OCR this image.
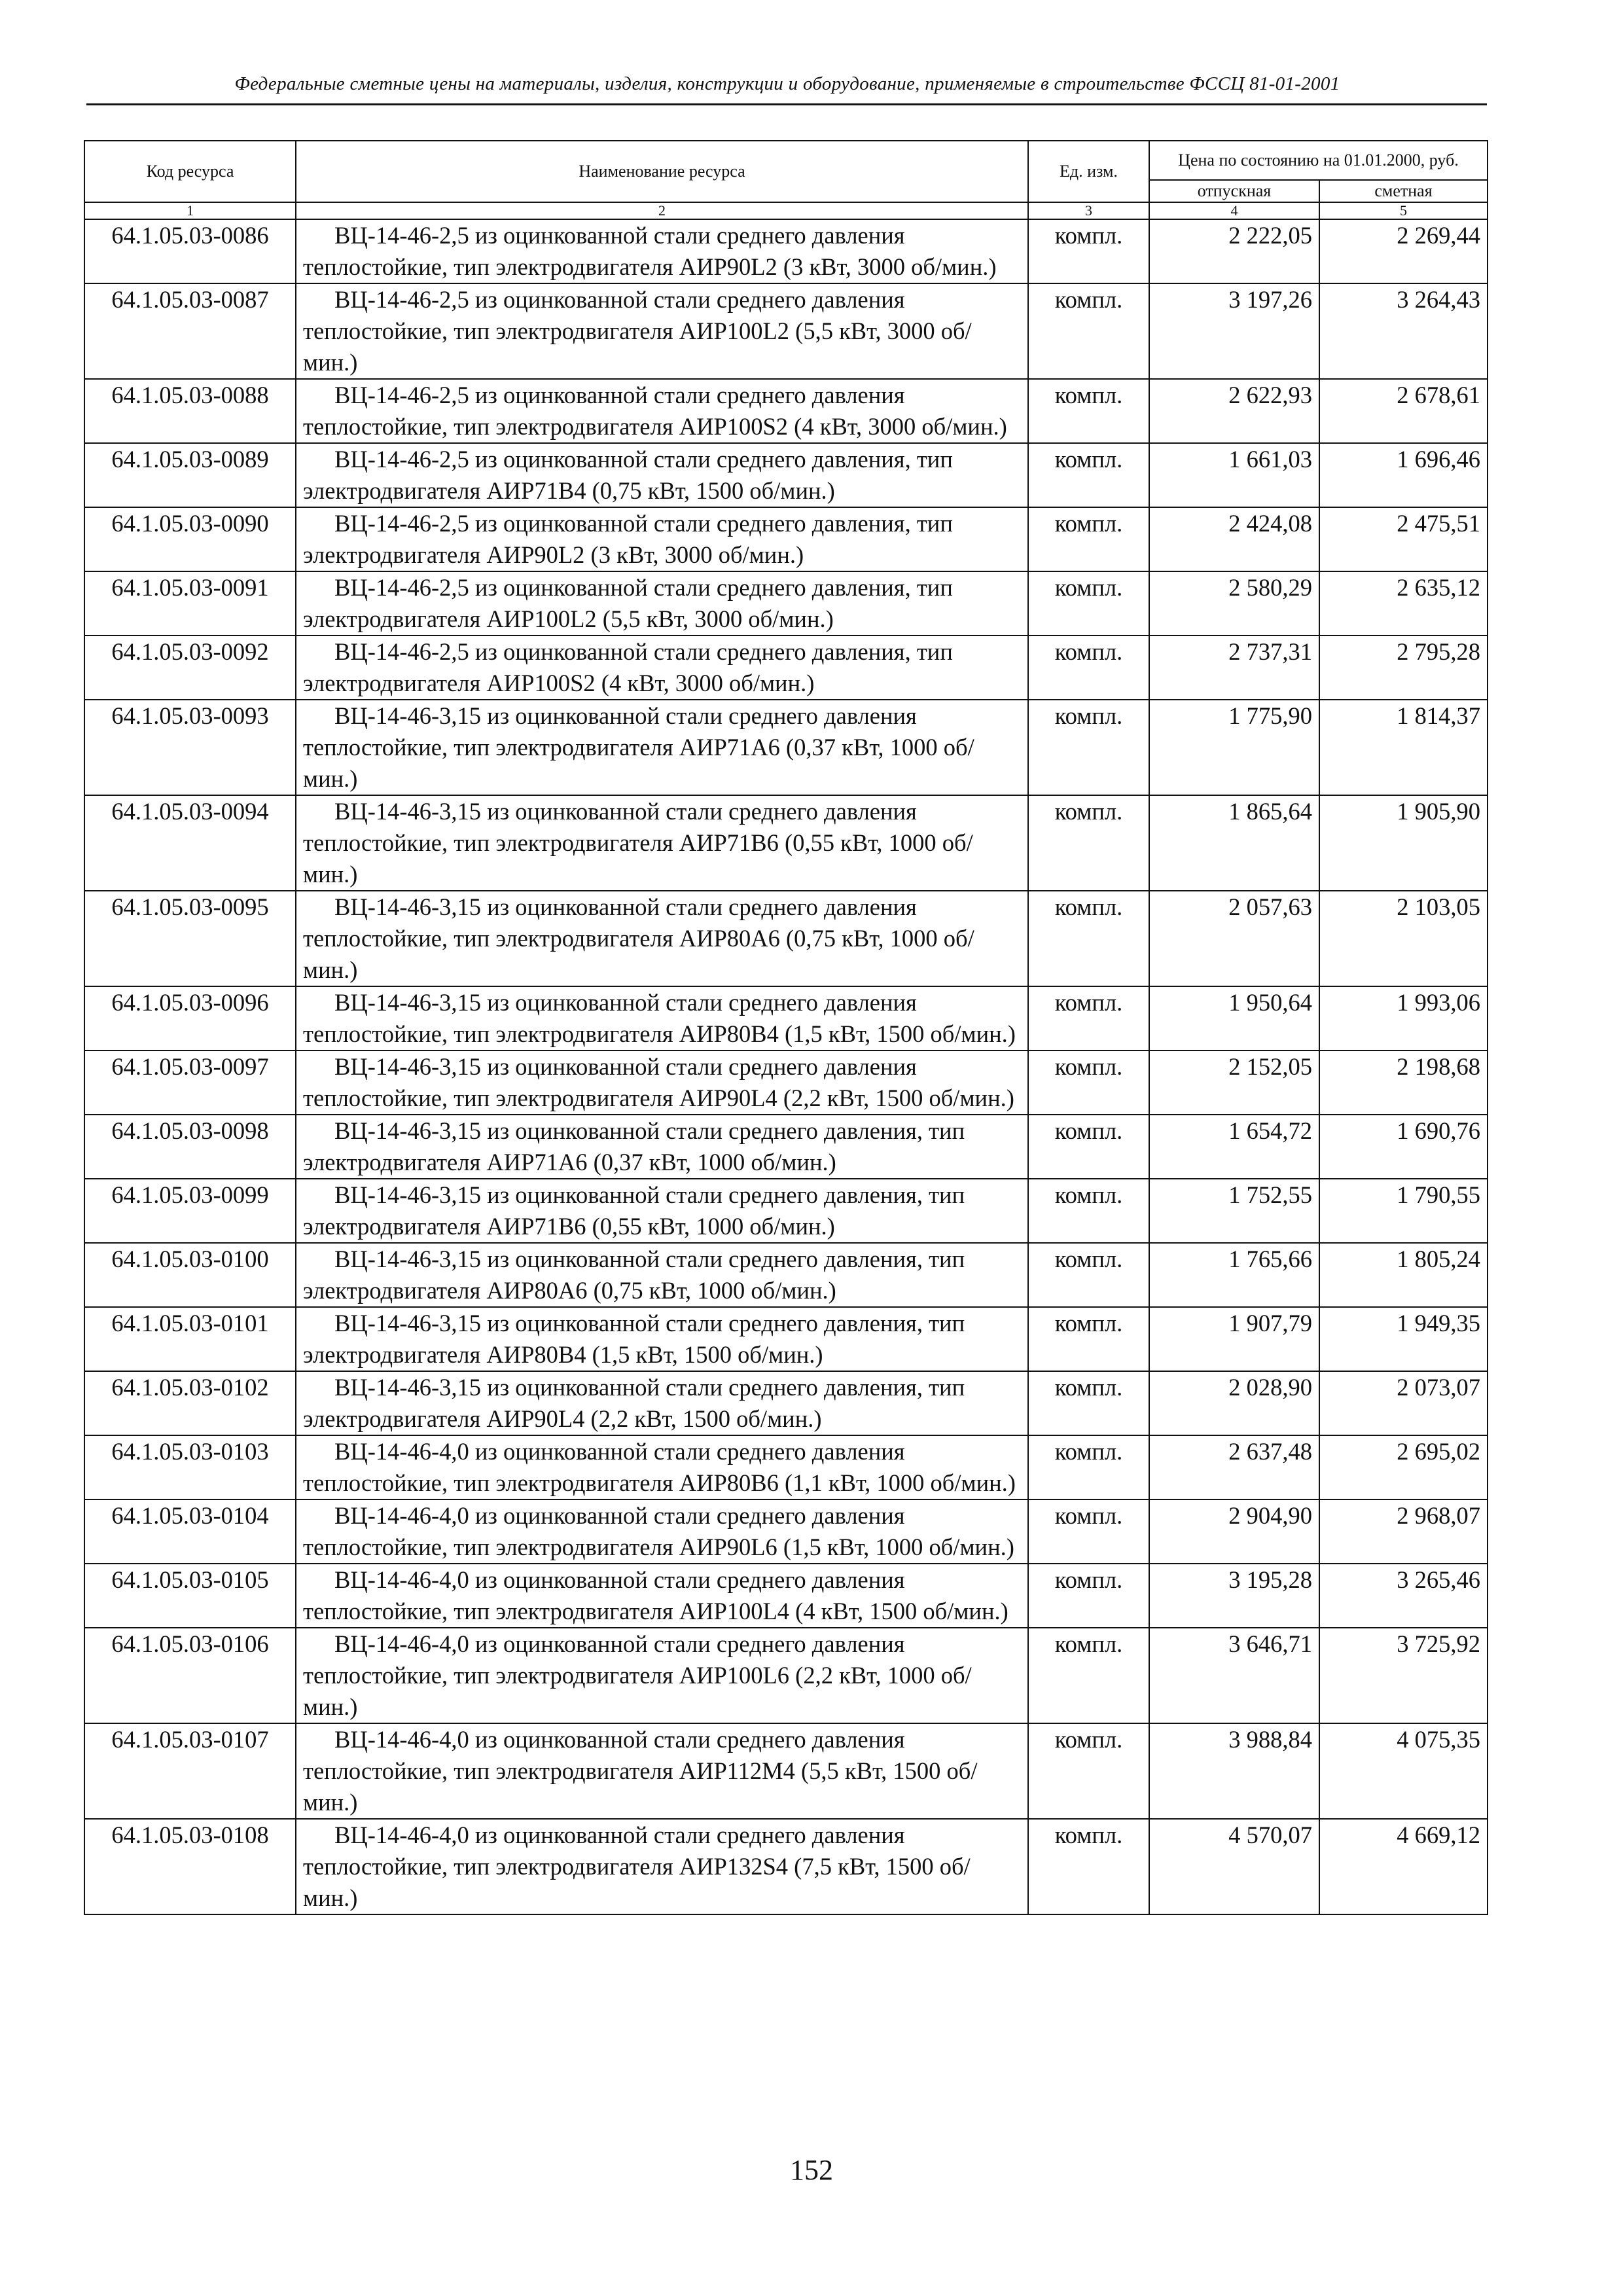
Федеральные сметные цены на материалы, изделия, конструкции и оборудование, применяемые в строительстве ФССЦ 81-01-2001
Код ресурса	Наименование ресурса	Ед. изм.	Цена по состоянию на 01.01.2000, руб.	
			отпускная	сметная
1	2	3	4	5
64.1.05.03-0086	ВЦ-14-46-2,5 из оцинкованной стали среднего давления теплостойкие, тип электродвигателя АИР90L2 (3 кВт, 3000 об/мин.)	компл.	2 222,05	2 269,44
64.1.05.03-0087	ВЦ-14-46-2,5 из оцинкованной стали среднего давления теплостойкие, тип электродвигателя АИР100L2 (5,5 кВт, 3000 об/мин.)	компл.	3 197,26	3 264,43
64.1.05.03-0088	ВЦ-14-46-2,5 из оцинкованной стали среднего давления теплостойкие, тип электродвигателя АИР100S2 (4 кВт, 3000 об/мин.)	компл.	2 622,93	2 678,61
64.1.05.03-0089	ВЦ-14-46-2,5 из оцинкованной стали среднего давления, тип электродвигателя АИР71В4 (0,75 кВт, 1500 об/мин.)	компл.	1 661,03	1 696,46
64.1.05.03-0090	ВЦ-14-46-2,5 из оцинкованной стали среднего давления, тип электродвигателя АИР90L2 (3 кВт, 3000 об/мин.)	компл.	2 424,08	2 475,51
64.1.05.03-0091	ВЦ-14-46-2,5 из оцинкованной стали среднего давления, тип электродвигателя АИР100L2 (5,5 кВт, 3000 об/мин.)	компл.	2 580,29	2 635,12
64.1.05.03-0092	ВЦ-14-46-2,5 из оцинкованной стали среднего давления, тип электродвигателя АИР100S2 (4 кВт, 3000 об/мин.)	компл.	2 737,31	2 795,28
64.1.05.03-0093	ВЦ-14-46-3,15 из оцинкованной стали среднего давления теплостойкие, тип электродвигателя АИР71А6 (0,37 кВт, 1000 об/мин.)	компл.	1 775,90	1 814,37
64.1.05.03-0094	ВЦ-14-46-3,15 из оцинкованной стали среднего давления теплостойкие, тип электродвигателя АИР71В6 (0,55 кВт, 1000 об/мин.)	компл.	1 865,64	1 905,90
64.1.05.03-0095	ВЦ-14-46-3,15 из оцинкованной стали среднего давления теплостойкие, тип электродвигателя АИР80А6 (0,75 кВт, 1000 об/мин.)	компл.	2 057,63	2 103,05
64.1.05.03-0096	ВЦ-14-46-3,15 из оцинкованной стали среднего давления теплостойкие, тип электродвигателя АИР80В4 (1,5 кВт, 1500 об/мин.)	компл.	1 950,64	1 993,06
64.1.05.03-0097	ВЦ-14-46-3,15 из оцинкованной стали среднего давления теплостойкие, тип электродвигателя АИР90L4 (2,2 кВт, 1500 об/мин.)	компл.	2 152,05	2 198,68
64.1.05.03-0098	ВЦ-14-46-3,15 из оцинкованной стали среднего давления, тип электродвигателя АИР71А6 (0,37 кВт, 1000 об/мин.)	компл.	1 654,72	1 690,76
64.1.05.03-0099	ВЦ-14-46-3,15 из оцинкованной стали среднего давления, тип электродвигателя АИР71В6 (0,55 кВт, 1000 об/мин.)	компл.	1 752,55	1 790,55
64.1.05.03-0100	ВЦ-14-46-3,15 из оцинкованной стали среднего давления, тип электродвигателя АИР80А6 (0,75 кВт, 1000 об/мин.)	компл.	1 765,66	1 805,24
64.1.05.03-0101	ВЦ-14-46-3,15 из оцинкованной стали среднего давления, тип электродвигателя АИР80В4 (1,5 кВт, 1500 об/мин.)	компл.	1 907,79	1 949,35
64.1.05.03-0102	ВЦ-14-46-3,15 из оцинкованной стали среднего давления, тип электродвигателя АИР90L4 (2,2 кВт, 1500 об/мин.)	компл.	2 028,90	2 073,07
64.1.05.03-0103	ВЦ-14-46-4,0 из оцинкованной стали среднего давления теплостойкие, тип электродвигателя АИР80В6 (1,1 кВт, 1000 об/мин.)	компл.	2 637,48	2 695,02
64.1.05.03-0104	ВЦ-14-46-4,0 из оцинкованной стали среднего давления теплостойкие, тип электродвигателя АИР90L6 (1,5 кВт, 1000 об/мин.)	компл.	2 904,90	2 968,07
64.1.05.03-0105	ВЦ-14-46-4,0 из оцинкованной стали среднего давления теплостойкие, тип электродвигателя АИР100L4 (4 кВт, 1500 об/мин.)	компл.	3 195,28	3 265,46
64.1.05.03-0106	ВЦ-14-46-4,0 из оцинкованной стали среднего давления теплостойкие, тип электродвигателя АИР100L6 (2,2 кВт, 1000 об/мин.)	компл.	3 646,71	3 725,92
64.1.05.03-0107	ВЦ-14-46-4,0 из оцинкованной стали среднего давления теплостойкие, тип электродвигателя АИР112М4 (5,5 кВт, 1500 об/мин.)	компл.	3 988,84	4 075,35
64.1.05.03-0108	ВЦ-14-46-4,0 из оцинкованной стали среднего давления теплостойкие, тип электродвигателя АИР132S4 (7,5 кВт, 1500 об/мин.)	компл.	4 570,07	4 669,12
152
